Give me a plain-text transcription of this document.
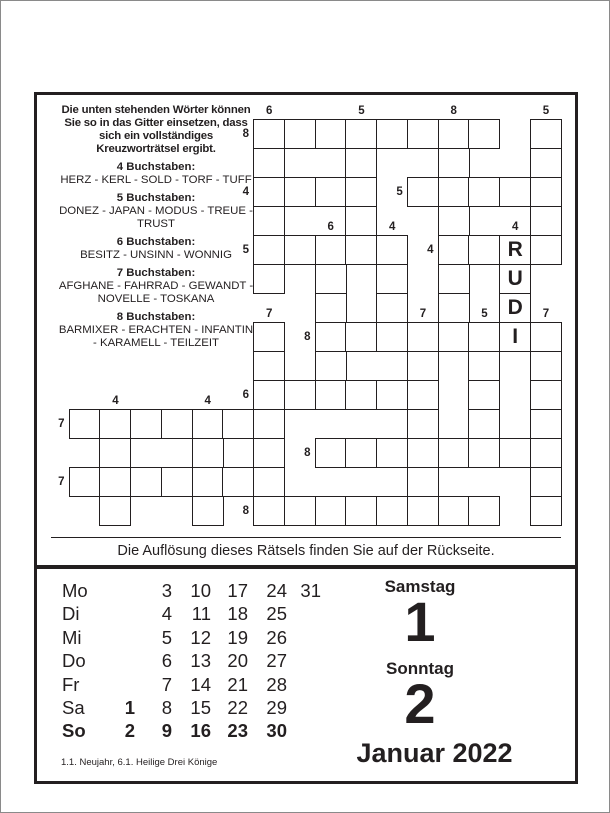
Die unten stehenden Wörter können Sie so in das Gitter einsetzen, dass sich ein vollständiges Kreuzworträtsel ergibt.
4 Buchstaben:
HERZ - KERL - SOLD - TORF - TUFF
5 Buchstaben:
DONEZ - JAPAN - MODUS - TREUE - TRUST
6 Buchstaben:
BESITZ - UNSINN - WONNIG
7 Buchstaben:
AFGHANE - FAHRRAD - GEWANDT - NOVELLE - TOSKANA
8 Buchstaben:
BARMIXER - ERACHTEN - INFANTIN - KARAMELL - TEILZEIT
R
U
D
I
6	5	8	5
6	4	4
7	7	5	7
4	4
8
4	5
5	4
8
6
7
8
7
8
Die Auflösung dieses Rätsels finden Sie auf der Rückseite.
Mo	3 10 17 24 31
Di	4	11 18 25
Mi	5 12 19 26
Do	6 13 20 27
Fr	7 14 21 28
Sa	1	8 15 22 29
So	2	9 16 23 30
1.1. Neujahr, 6.1. Heilige Drei Könige
Samstag
1
Sonntag
2
Januar 2022
